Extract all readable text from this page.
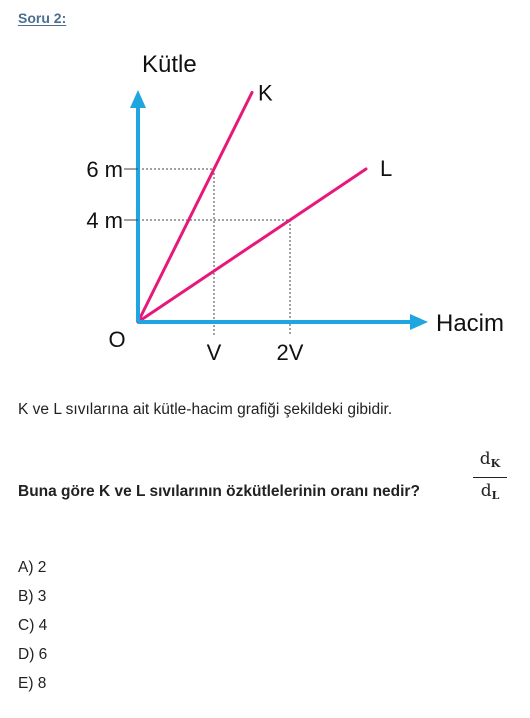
Soru 2:
K
L
4 m
6 m
V	2V
Kütle
Hacim
O
K ve L sıvılarına ait kütle-hacim grafiği şekildeki gibidir.
Buna göre K ve L sıvılarının özkütlelerinin oranı nedir?
$d_K$
$d_L$
A) 2
B) 3
C) 4
D) 6
E) 8
